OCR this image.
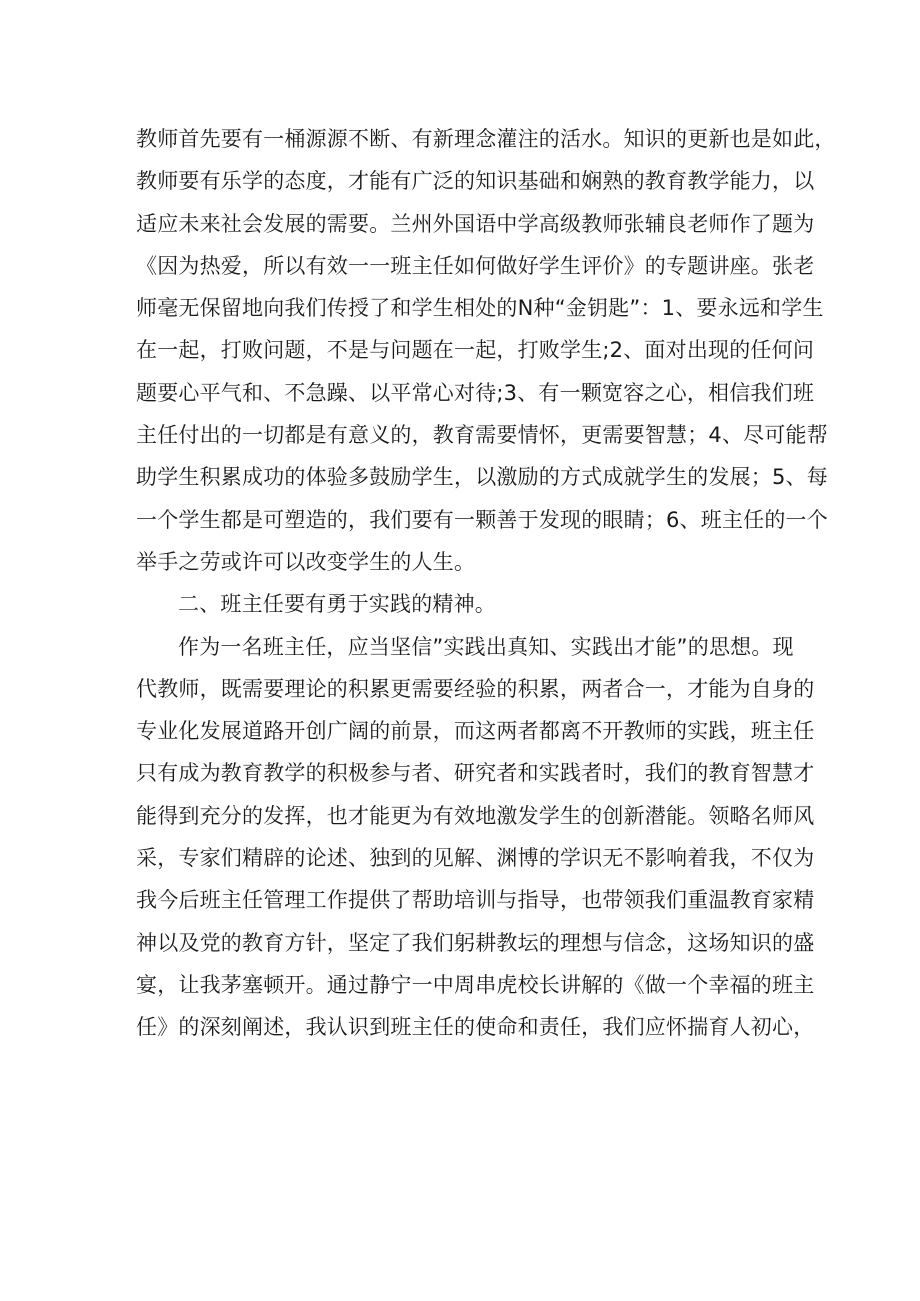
教师首先要有一桶源源不断、有新理念灌注的活水。知识的更新也是如此，
教师要有乐学的态度，才能有广泛的知识基础和娴熟的教育教学能力，以
适应未来社会发展的需要。兰州外国语中学高级教师张辅良老师作了题为
《因为热爱，所以有效一一班主任如何做好学生评价》的专题讲座。张老
师毫无保留地向我们传授了和学生相处的N种“金钥匙”：1、要永远和学生
在一起，打败问题，不是与问题在一起，打败学生;2、面对出现的任何问
题要心平气和、不急躁、以平常心对待;3、有一颗宽容之心，相信我们班
主任付出的一切都是有意义的，教育需要情怀，更需要智慧；4、尽可能帮
助学生积累成功的体验多鼓励学生，以激励的方式成就学生的发展；5、每
一个学生都是可塑造的，我们要有一颗善于发现的眼睛；6、班主任的一个
举手之劳或许可以改变学生的人生。
二、班主任要有勇于实践的精神。
作为一名班主任，应当坚信”实践出真知、实践出才能”的思想。现
代教师，既需要理论的积累更需要经验的积累，两者合一，才能为自身的
专业化发展道路开创广阔的前景，而这两者都离不开教师的实践，班主任
只有成为教育教学的积极参与者、研究者和实践者时，我们的教育智慧才
能得到充分的发挥，也才能更为有效地激发学生的创新潜能。领略名师风
采，专家们精辟的论述、独到的见解、渊博的学识无不影响着我，不仅为
我今后班主任管理工作提供了帮助培训与指导，也带领我们重温教育家精
神以及党的教育方针，坚定了我们躬耕教坛的理想与信念，这场知识的盛
宴，让我茅塞顿开。通过静宁一中周串虎校长讲解的《做一个幸福的班主
任》的深刻阐述，我认识到班主任的使命和责任，我们应怀揣育人初心，
